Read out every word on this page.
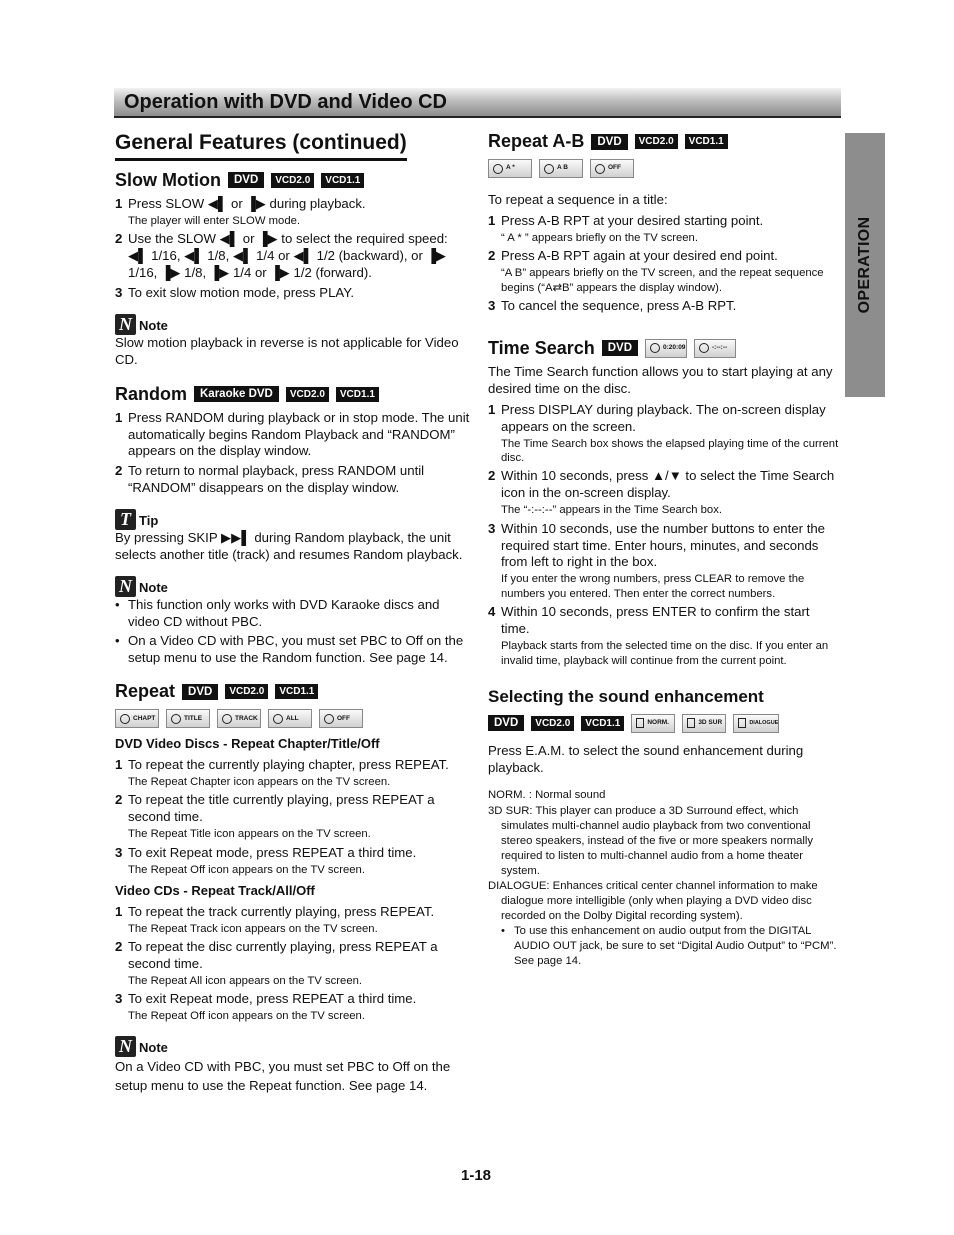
Operation with DVD and Video CD
OPERATION
General Features (continued)
Slow Motion	DVD	VCD2.0	VCD1.1
1 Press SLOW ◀▌ or ▐▶ during playback.
The player will enter SLOW mode.
2 Use the SLOW ◀▌ or ▐▶ to select the required speed: ◀▌ 1/16, ◀▌ 1/8, ◀▌ 1/4 or ◀▌ 1/2 (backward), or ▐▶ 1/16, ▐▶ 1/8, ▐▶ 1/4 or ▐▶ 1/2 (forward).
3 To exit slow motion mode, press PLAY.
N Note
Slow motion playback in reverse is not applicable for Video CD.
Random	Karaoke DVD	VCD2.0	VCD1.1
1 Press RANDOM during playback or in stop mode. The unit automatically begins Random Playback and “RANDOM” appears on the display window.
2 To return to normal playback, press RANDOM until “RANDOM” disappears on the display window.
T Tip
By pressing SKIP ▶▶▌ during Random playback, the unit selects another title (track) and resumes Random playback.
N Note
• This function only works with DVD Karaoke discs and video CD without PBC.
• On a Video CD with PBC, you must set PBC to Off on the setup menu to use the Random function. See page 14.
Repeat	DVD	VCD2.0	VCD1.1
CHAPT	TITLE	TRACK	ALL	OFF
DVD Video Discs - Repeat Chapter/Title/Off
1 To repeat the currently playing chapter, press REPEAT.
The Repeat Chapter icon appears on the TV screen.
2 To repeat the title currently playing, press REPEAT a second time.
The Repeat Title icon appears on the TV screen.
3 To exit Repeat mode, press REPEAT a third time.
The Repeat Off icon appears on the TV screen.
Video CDs - Repeat Track/All/Off
1 To repeat the track currently playing, press REPEAT.
The Repeat Track icon appears on the TV screen.
2 To repeat the disc currently playing, press REPEAT a second time.
The Repeat All icon appears on the TV screen.
3 To exit Repeat mode, press REPEAT a third time.
The Repeat Off icon appears on the TV screen.
N Note
On a Video CD with PBC, you must set PBC to Off on the setup menu to use the Repeat function. See page 14.
Repeat A-B	DVD	VCD2.0	VCD1.1
A *	A B	OFF
To repeat a sequence in a title:
1 Press A-B RPT at your desired starting point.
“ A * ” appears briefly on the TV screen.
2 Press A-B RPT again at your desired end point.
“A B” appears briefly on the TV screen, and the repeat sequence begins (“A⇄B” appears the display window).
3 To cancel the sequence, press A-B RPT.
Time Search	DVD	0:20:09	-:--:--
The Time Search function allows you to start playing at any desired time on the disc.
1 Press DISPLAY during playback. The on-screen display appears on the screen.
The Time Search box shows the elapsed playing time of the current disc.
2 Within 10 seconds, press ▲/▼ to select the Time Search icon in the on-screen display.
The “-:--:--” appears in the Time Search box.
3 Within 10 seconds, use the number buttons to enter the required start time. Enter hours, minutes, and seconds from left to right in the box.
If you enter the wrong numbers, press CLEAR to remove the numbers you entered. Then enter the correct numbers.
4 Within 10 seconds, press ENTER to confirm the start time.
Playback starts from the selected time on the disc. If you enter an invalid time, playback will continue from the current point.
Selecting the sound enhancement
DVD	VCD2.0	VCD1.1	NORM.	3D SUR	DIALOGUE
Press E.A.M. to select the sound enhancement during playback.
NORM. : Normal sound
3D SUR: This player can produce a 3D Surround effect, which simulates multi-channel audio playback from two conventional stereo speakers, instead of the five or more speakers normally required to listen to multi-channel audio from a home theater system.
DIALOGUE: Enhances critical center channel information to make dialogue more intelligible (only when playing a DVD video disc recorded on the Dolby Digital recording system).
• To use this enhancement on audio output from the DIGITAL AUDIO OUT jack, be sure to set “Digital Audio Output” to “PCM”. See page 14.
1-18
